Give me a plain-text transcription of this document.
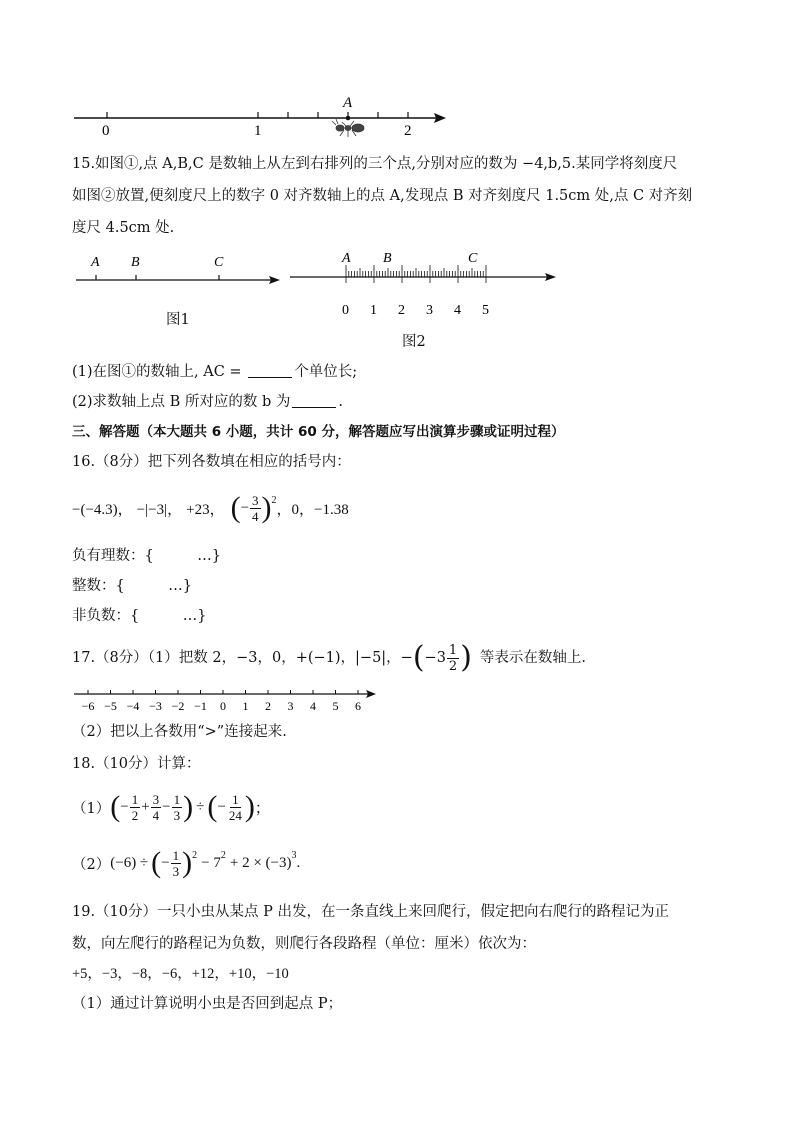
0	1	2
A
15.如图①,点 A,B,C 是数轴上从左到右排列的三个点,分别对应的数为 −4,b,5.某同学将刻度尺
如图②放置,便刻度尺上的数字 0 对齐数轴上的点 A,发现点 B 对齐刻度尺 1.5cm 处,点 C 对齐刻
度尺 4.5cm 处.
A B	C
图1
A B	C
0 1 2 3 4 5
图2
(1)在图①的数轴上, AC =	个单位长;
(2)求数轴上点 B 所对应的数 b 为	.
三、解答题（本大题共 6 小题，共计 60 分，解答题应写出演算步骤或证明过程）
16.（8分）把下列各数填在相应的括号内：
−(−4.3)， −|−3|， +23， ( − $\frac{3}{4} )^2$
，0，−1.38
负有理数：{　　　…}
整数：{　　　…}
非负数：{　　　…}
17.（8分）（1）把数 2，−3，0，+(−1)，|−5|，− ( $-3 \frac{1}{2}$ ) 等表示在数轴上.
−6 −5 −4 −3 −2 −1 0 1 2 3 4 5 6
（2）把以上各数用“>”连接起来.
18.（10分）计算：
（1） ( − $\frac{1}{2} + \frac{3}{4} - \frac{1}{3}$ ) ÷ ( − $\frac{1}{24}$ ) ；
（2） (−6) ÷ ( − $\frac{1}{3} )^2 - 7^2 + 2 \times (-3)^3$ .
19.（10分）一只小虫从某点 P 出发，在一条直线上来回爬行，假定把向右爬行的路程记为正
数，向左爬行的路程记为负数，则爬行各段路程（单位：厘米）依次为：
+5，−3，−8，−6，+12，+10，−10
（1）通过计算说明小虫是否回到起点 P；
